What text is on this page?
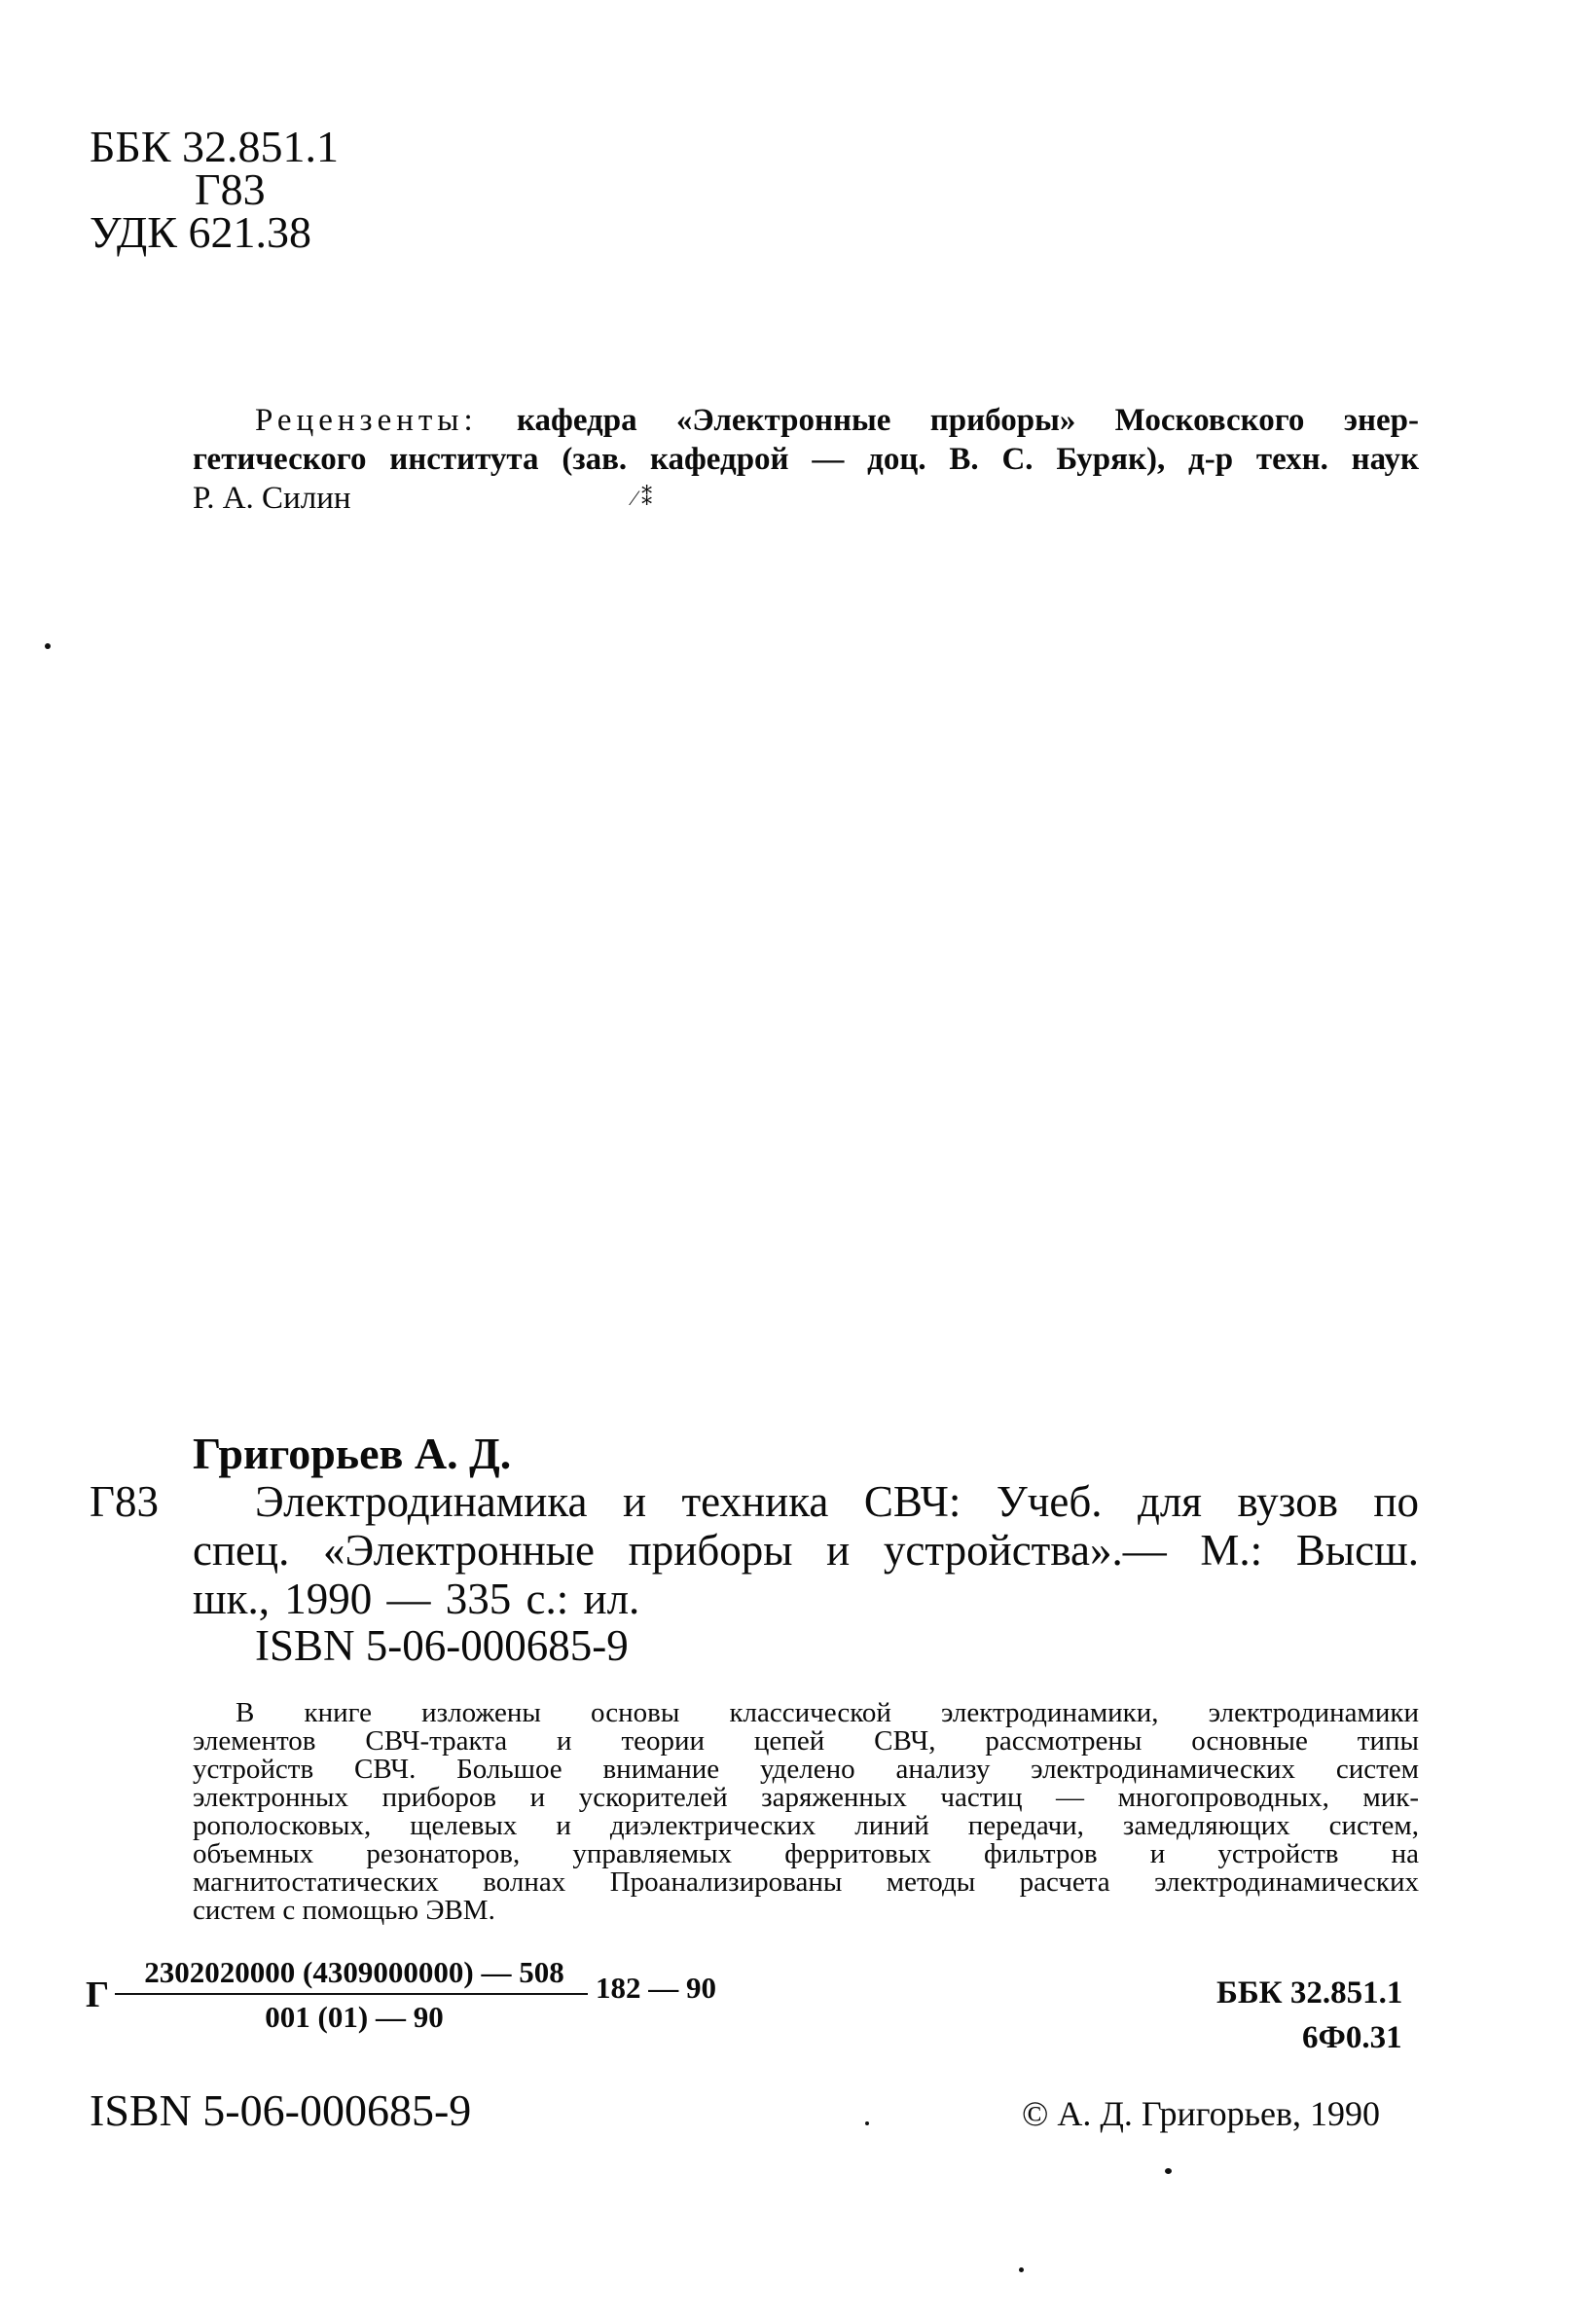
ББК 32.851.1
Г83
УДК 621.38
Рецензенты: кафедра «Электронные приборы» Московского энер-
гетического института (зав. кафедрой — доц. В. С. Буряк), д-р техн. наук
Р. А. Силин	⁄ ⁑
Григорьев А. Д.
Г83 Электродинамика и техника СВЧ: Учеб. для вузов по
спец. «Электронные приборы и устройства».— М.: Высш.
шк., 1990 — 335 с.: ил.
ISBN 5-06-000685-9
В книге изложены основы классической электродинамики, электродинамики
элементов СВЧ-тракта и теории цепей СВЧ, рассмотрены основные типы
устройств СВЧ. Большое внимание уделено анализу электродинамических систем
электронных приборов и ускорителей заряженных частиц — многопроводных, мик-
рополосковых, щелевых и диэлектрических линий передачи, замедляющих систем,
объемных резонаторов, управляемых ферритовых фильтров и устройств на
магнитостатических волнах Проанализированы методы расчета электродинамических
систем с помощью ЭВМ.
Г
2302020000 (4309000000) — 508
001 (01) — 90
182 — 90	ББК 32.851.1
6Ф0.31
ISBN 5-06-000685-9	© А. Д. Григорьев, 1990
